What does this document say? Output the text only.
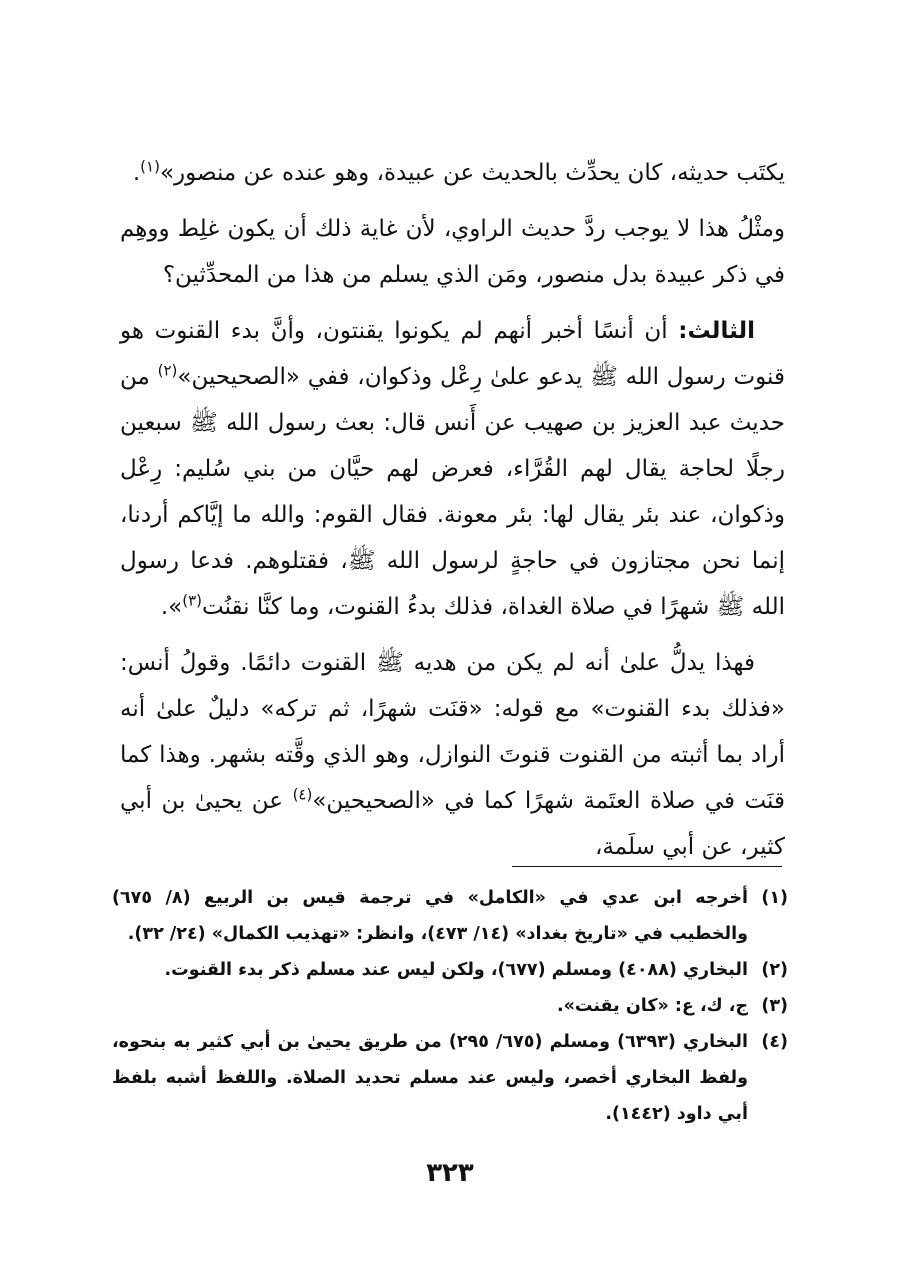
يكتَب حديثه، كان يحدِّث بالحديث عن عبيدة، وهو عنده عن منصور»$^{(١)}$.

ومثْلُ هذا لا يوجب ردَّ حديث الراوي، لأن غاية ذلك أن يكون غلِط ووهِم في ذكر عبيدة بدل منصور، ومَن الذي يسلم من هذا من المحدِّثين؟

الثالث: أن أنسًا أخبر أنهم لم يكونوا يقنتون، وأنَّ بدء القنوت هو قنوت رسول الله ﷺ يدعو علىٰ رِعْل وذكوان، ففي «الصحيحين»$^{(٢)}$ من حديث عبد العزيز بن صهيب عن أَنس قال: بعث رسول الله ﷺ سبعين رجلًا لحاجة يقال لهم القُرَّاء، فعرض لهم حيَّان من بني سُليم: رِعْل وذكوان، عند بئر يقال لها: بئر معونة. فقال القوم: والله ما إيَّاكم أردنا، إنما نحن مجتازون في حاجةٍ لرسول الله ﷺ، فقتلوهم. فدعا رسول الله ﷺ شهرًا في صلاة الغداة، فذلك بدءُ القنوت، وما كنَّا نقنُت$^{(٣)}$».

فهذا يدلُّ علىٰ أنه لم يكن من هديه ﷺ القنوت دائمًا. وقولُ أنس: «فذلك بدء القنوت» مع قوله: «قنَت شهرًا، ثم تركه» دليلٌ علىٰ أنه أراد بما أثبته من القنوت قنوتَ النوازل، وهو الذي وقَّته بشهر. وهذا كما قنَت في صلاة العتَمة شهرًا كما في «الصحيحين»$^{(٤)}$ عن يحيىٰ بن أبي كثير، عن أبي سلَمة،

(١)
أخرجه ابن عدي في «الكامل» في ترجمة قيس بن الربيع (٨/ ٦٧٥) والخطيب في «تاريخ بغداد» (١٤/ ٤٧٣)، وانظر: «تهذيب الكمال» (٢٤/ ٣٢).
(٢)
البخاري (٤٠٨٨) ومسلم (٦٧٧)، ولكن ليس عند مسلم ذكر بدء القنوت.
(٣)
ج، ك، ع: «كان يقنت».
(٤)
البخاري (٦٣٩٣) ومسلم (٦٧٥/ ٢٩٥) من طريق يحيىٰ بن أبي كثير به بنحوه، ولفظ البخاري أخصر، وليس عند مسلم تحديد الصلاة. واللفظ أشبه بلفظ أبي داود (١٤٤٢).
٣٢٣
